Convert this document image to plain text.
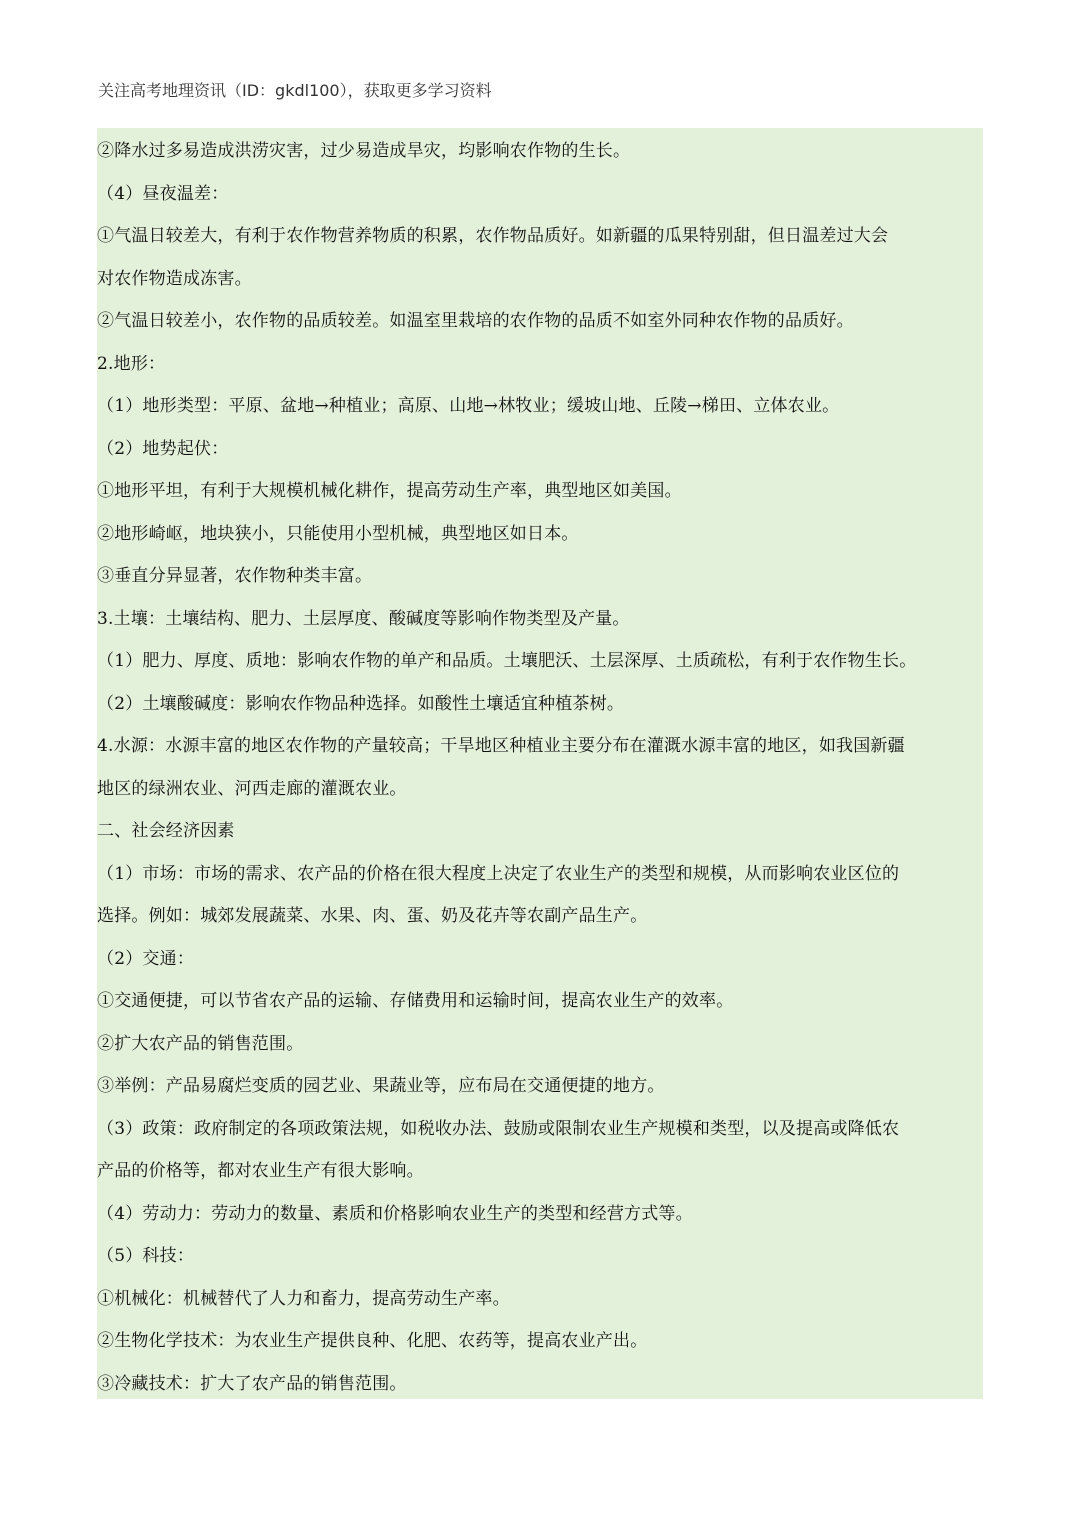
关注高考地理资讯（ID：gkdl100），获取更多学习资料
②降水过多易造成洪涝灾害，过少易造成旱灾，均影响农作物的生长。
（4）昼夜温差：
①气温日较差大，有利于农作物营养物质的积累，农作物品质好。如新疆的瓜果特别甜，但日温差过大会
对农作物造成冻害。
②气温日较差小，农作物的品质较差。如温室里栽培的农作物的品质不如室外同种农作物的品质好。
2.地形：
（1）地形类型：平原、盆地→种植业；高原、山地→林牧业；缓坡山地、丘陵→梯田、立体农业。
（2）地势起伏：
①地形平坦，有利于大规模机械化耕作，提高劳动生产率，典型地区如美国。
②地形崎岖，地块狭小，只能使用小型机械，典型地区如日本。
③垂直分异显著，农作物种类丰富。
3.土壤：土壤结构、肥力、土层厚度、酸碱度等影响作物类型及产量。
（1）肥力、厚度、质地：影响农作物的单产和品质。土壤肥沃、土层深厚、土质疏松，有利于农作物生长。
（2）土壤酸碱度：影响农作物品种选择。如酸性土壤适宜种植茶树。
4.水源：水源丰富的地区农作物的产量较高；干旱地区种植业主要分布在灌溉水源丰富的地区，如我国新疆
地区的绿洲农业、河西走廊的灌溉农业。
二、社会经济因素
（1）市场：市场的需求、农产品的价格在很大程度上决定了农业生产的类型和规模，从而影响农业区位的
选择。例如：城郊发展蔬菜、水果、肉、蛋、奶及花卉等农副产品生产。
（2）交通：
①交通便捷，可以节省农产品的运输、存储费用和运输时间，提高农业生产的效率。
②扩大农产品的销售范围。
③举例：产品易腐烂变质的园艺业、果蔬业等，应布局在交通便捷的地方。
（3）政策：政府制定的各项政策法规，如税收办法、鼓励或限制农业生产规模和类型，以及提高或降低农
产品的价格等，都对农业生产有很大影响。
（4）劳动力：劳动力的数量、素质和价格影响农业生产的类型和经营方式等。
（5）科技：
①机械化：机械替代了人力和畜力，提高劳动生产率。
②生物化学技术：为农业生产提供良种、化肥、农药等，提高农业产出。
③冷藏技术：扩大了农产品的销售范围。
